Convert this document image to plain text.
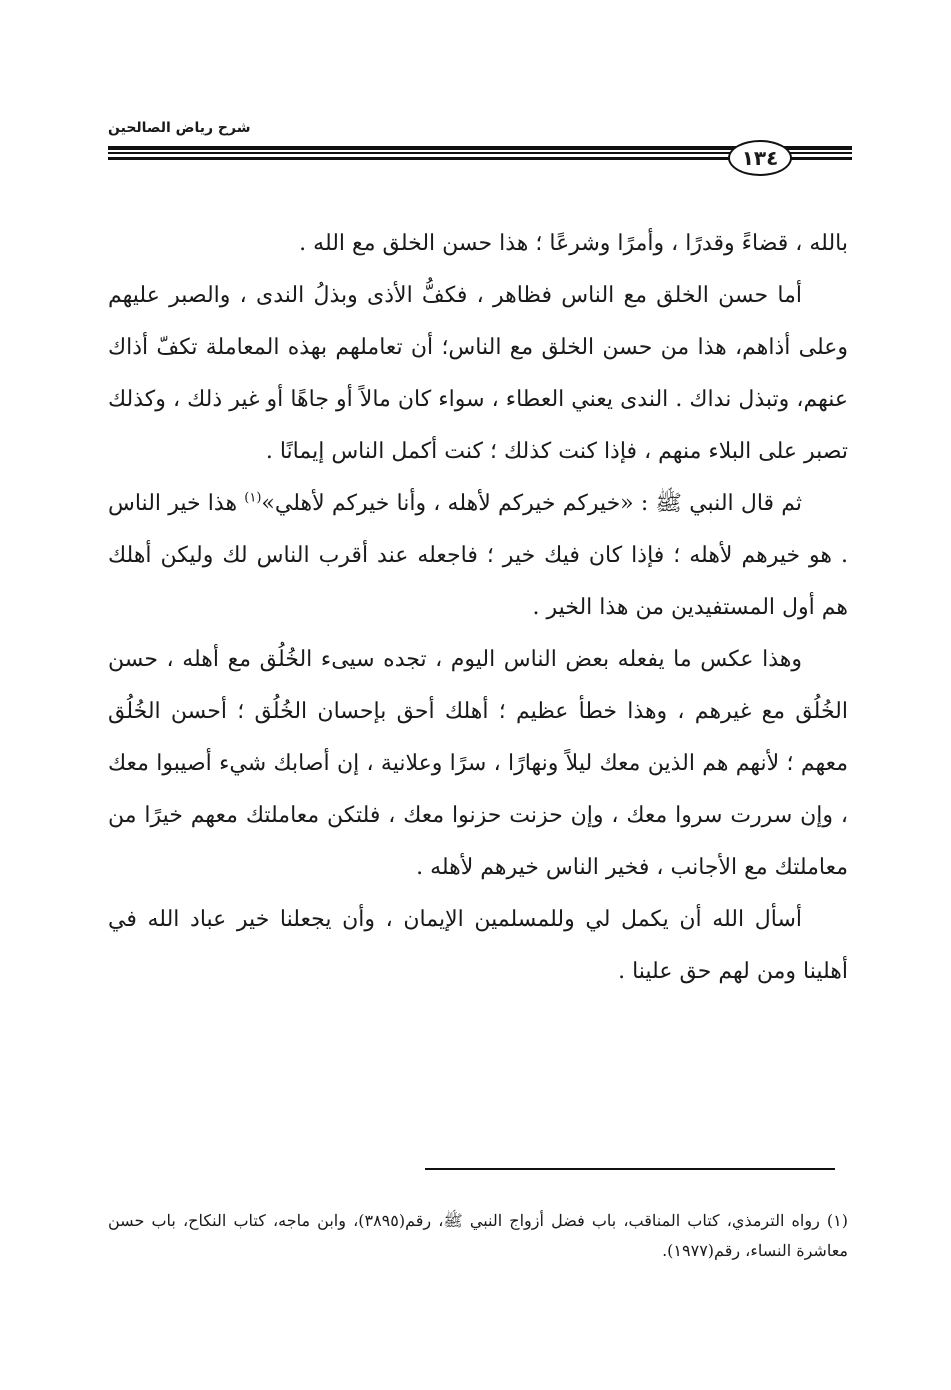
شرح رياض الصالحين
١٣٤

بالله ، قضاءً وقدرًا ، وأمرًا وشرعًا ؛ هذا حسن الخلق مع الله .

أما حسن الخلق مع الناس فظاهر ، فكفُّ الأذى وبذلُ الندى ، والصبر عليهم وعلى أذاهم، هذا من حسن الخلق مع الناس؛ أن تعاملهم بهذه المعاملة تكفّ أذاك عنهم، وتبذل نداك . الندى يعني العطاء ، سواء كان مالاً أو جاهًا أو غير ذلك ، وكذلك تصبر على البلاء منهم ، فإذا كنت كذلك ؛ كنت أكمل الناس إيمانًا .

ثم قال النبي ﷺ : «خيركم خيركم لأهله ، وأنا خيركم لأهلي»$^{(١)}$ هذا خير الناس . هو خيرهم لأهله ؛ فإذا كان فيك خير ؛ فاجعله عند أقرب الناس لك وليكن أهلك هم أول المستفيدين من هذا الخير .

وهذا عكس ما يفعله بعض الناس اليوم ، تجده سيىء الخُلُق مع أهله ، حسن الخُلُق مع غيرهم ، وهذا خطأ عظيم ؛ أهلك أحق بإحسان الخُلُق ؛ أحسن الخُلُق معهم ؛ لأنهم هم الذين معك ليلاً ونهارًا ، سرًا وعلانية ، إن أصابك شيء أصيبوا معك ، وإن سررت سروا معك ، وإن حزنت حزنوا معك ، فلتكن معاملتك معهم خيرًا من معاملتك مع الأجانب ، فخير الناس خيرهم لأهله .

أسأل الله أن يكمل لي وللمسلمين الإيمان ، وأن يجعلنا خير عباد الله في أهلينا ومن لهم حق علينا .

(١) رواه الترمذي، كتاب المناقب، باب فضل أزواج النبي ﷺ، رقم(٣٨٩٥)، وابن ماجه، كتاب النكاح، باب حسن معاشرة النساء، رقم(١٩٧٧).
